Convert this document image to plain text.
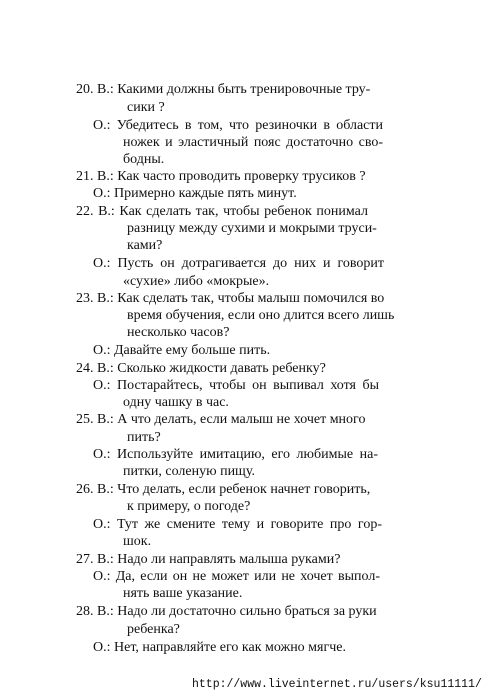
20. В.: Какими должны быть тренировочные тру-
сики ?
О.: Убедитесь в том, что резиночки в области
ножек и эластичный пояс достаточно сво-
бодны.
21. В.: Как часто проводить проверку трусиков ?
О.: Примерно каждые пять минут.
22. В.: Как сделать так, чтобы ребенок понимал
разницу между сухими и мокрыми труси-
ками?
О.: Пусть он дотрагивается до них и говорит
«сухие» либо «мокрые».
23. В.: Как сделать так, чтобы малыш помочился во
время обучения, если оно длится всего лишь
несколько часов?
О.: Давайте ему больше пить.
24. В.: Сколько жидкости давать ребенку?
О.: Постарайтесь, чтобы он выпивал хотя бы
одну чашку в час.
25. В.: А что делать, если малыш не хочет много
пить?
О.: Используйте имитацию, его любимые на-
питки, соленую пищу.
26. В.: Что делать, если ребенок начнет говорить,
к примеру, о погоде?
О.: Тут же смените тему и говорите про гор-
шок.
27. В.: Надо ли направлять малыша руками?
О.: Да, если он не может или не хочет выпол-
нять ваше указание.
28. В.: Надо ли достаточно сильно браться за руки
ребенка?
О.: Нет, направляйте его как можно мягче.
http://www.liveinternet.ru/users/ksu11111/
